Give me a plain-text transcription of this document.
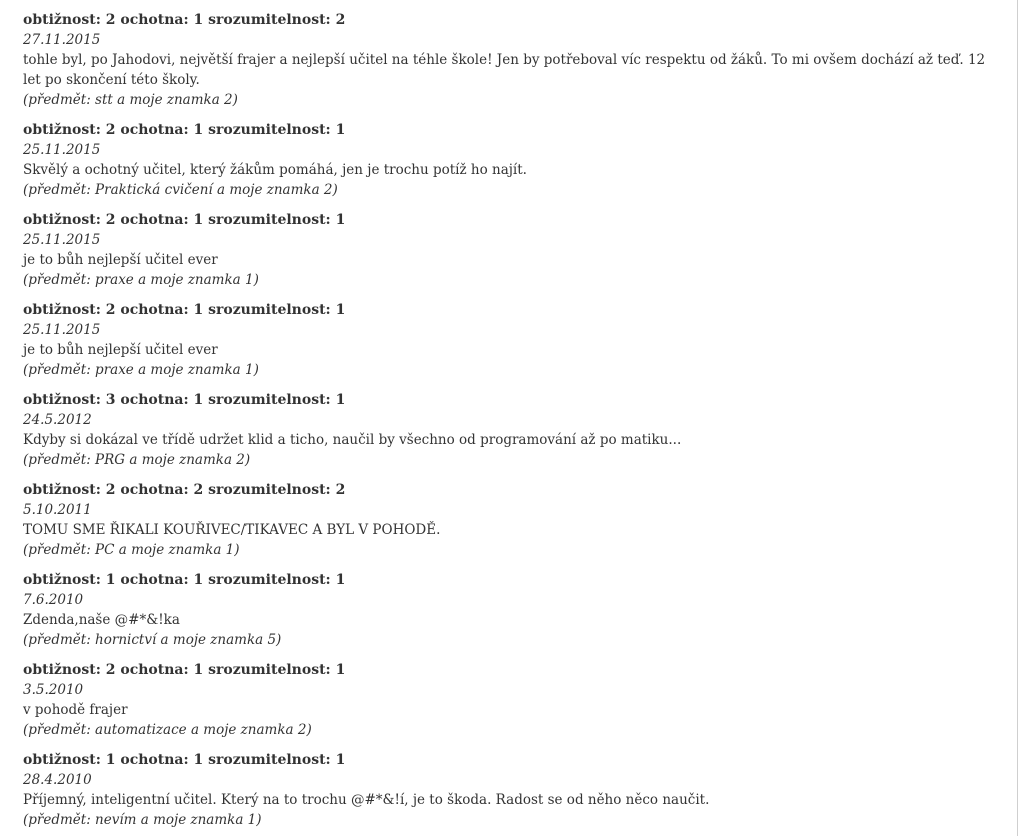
obtižnost: 2 ochotna: 1 srozumitelnost: 2
27.11.2015
tohle byl, po Jahodovi, největší frajer a nejlepší učitel na téhle škole! Jen by potřeboval víc respektu od žáků. To mi ovšem dochází až teď. 12 let po skončení této školy.
(předmět: stt a moje znamka 2)
obtižnost: 2 ochotna: 1 srozumitelnost: 1
25.11.2015
Skvělý a ochotný učitel, který žákům pomáhá, jen je trochu potíž ho najít.
(předmět: Praktická cvičení a moje znamka 2)
obtižnost: 2 ochotna: 1 srozumitelnost: 1
25.11.2015
je to bůh nejlepší učitel ever
(předmět: praxe a moje znamka 1)
obtižnost: 2 ochotna: 1 srozumitelnost: 1
25.11.2015
je to bůh nejlepší učitel ever
(předmět: praxe a moje znamka 1)
obtižnost: 3 ochotna: 1 srozumitelnost: 1
24.5.2012
Kdyby si dokázal ve třídě udržet klid a ticho, naučil by všechno od programování až po matiku...
(předmět: PRG a moje znamka 2)
obtižnost: 2 ochotna: 2 srozumitelnost: 2
5.10.2011
TOMU SME ŘIKALI KOUŘIVEC/TIKAVEC A BYL V POHODĚ.
(předmět: PC a moje znamka 1)
obtižnost: 1 ochotna: 1 srozumitelnost: 1
7.6.2010
Zdenda,naše @#*&!ka
(předmět: hornictví a moje znamka 5)
obtižnost: 2 ochotna: 1 srozumitelnost: 1
3.5.2010
v pohodě frajer
(předmět: automatizace a moje znamka 2)
obtižnost: 1 ochotna: 1 srozumitelnost: 1
28.4.2010
Příjemný, inteligentní učitel. Který na to trochu @#*&!í, je to škoda. Radost se od něho něco naučit.
(předmět: nevím a moje znamka 1)
